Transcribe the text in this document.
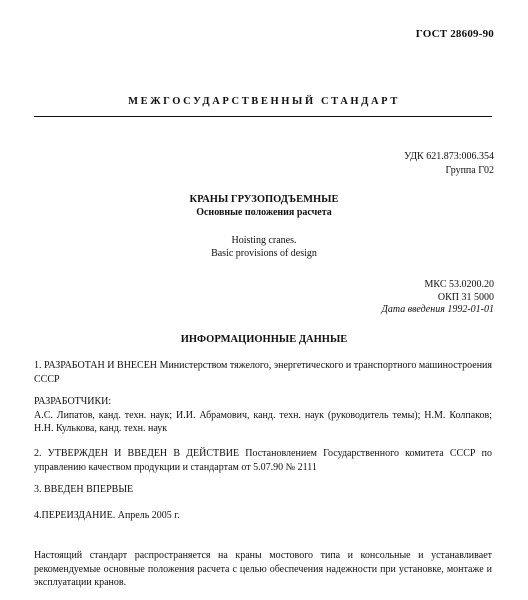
ГОСТ 28609-90
МЕЖГОСУДАРСТВЕННЫЙ СТАНДАРТ
УДК 621.873:006.354
Группа Г02
КРАНЫ ГРУЗОПОДЪЕМНЫЕ
Основные положения расчета
Hoisting cranes.
Basic provisions of design
МКС 53.0200.20
ОКП 31 5000
Дата введения 1992-01-01
ИНФОРМАЦИОННЫЕ ДАННЫЕ
1. РАЗРАБОТАН И ВНЕСЕН Министерством тяжелого, энергетического и транспортного машиностроения СССР
РАЗРАБОТЧИКИ:
А.С. Липатов, канд. техн. наук; И.И. Абрамович, канд. техн. наук (руководитель темы); Н.М. Колпаков; Н.Н. Кулькова, канд. техн. наук
2. УТВЕРЖДЕН И ВВЕДЕН В ДЕЙСТВИЕ Постановлением Государственного комитета СССР по управлению качеством продукции и стандартам от 5.07.90 № 2111
3. ВВЕДЕН ВПЕРВЫЕ
4.ПЕРЕИЗДАНИЕ. Апрель 2005 г.
Настоящий стандарт распространяется на краны мостового типа и консольные и устанавливает рекомендуемые основные положения расчета с целью обеспечения надежности при установке, монтаже и эксплуатации кранов.
